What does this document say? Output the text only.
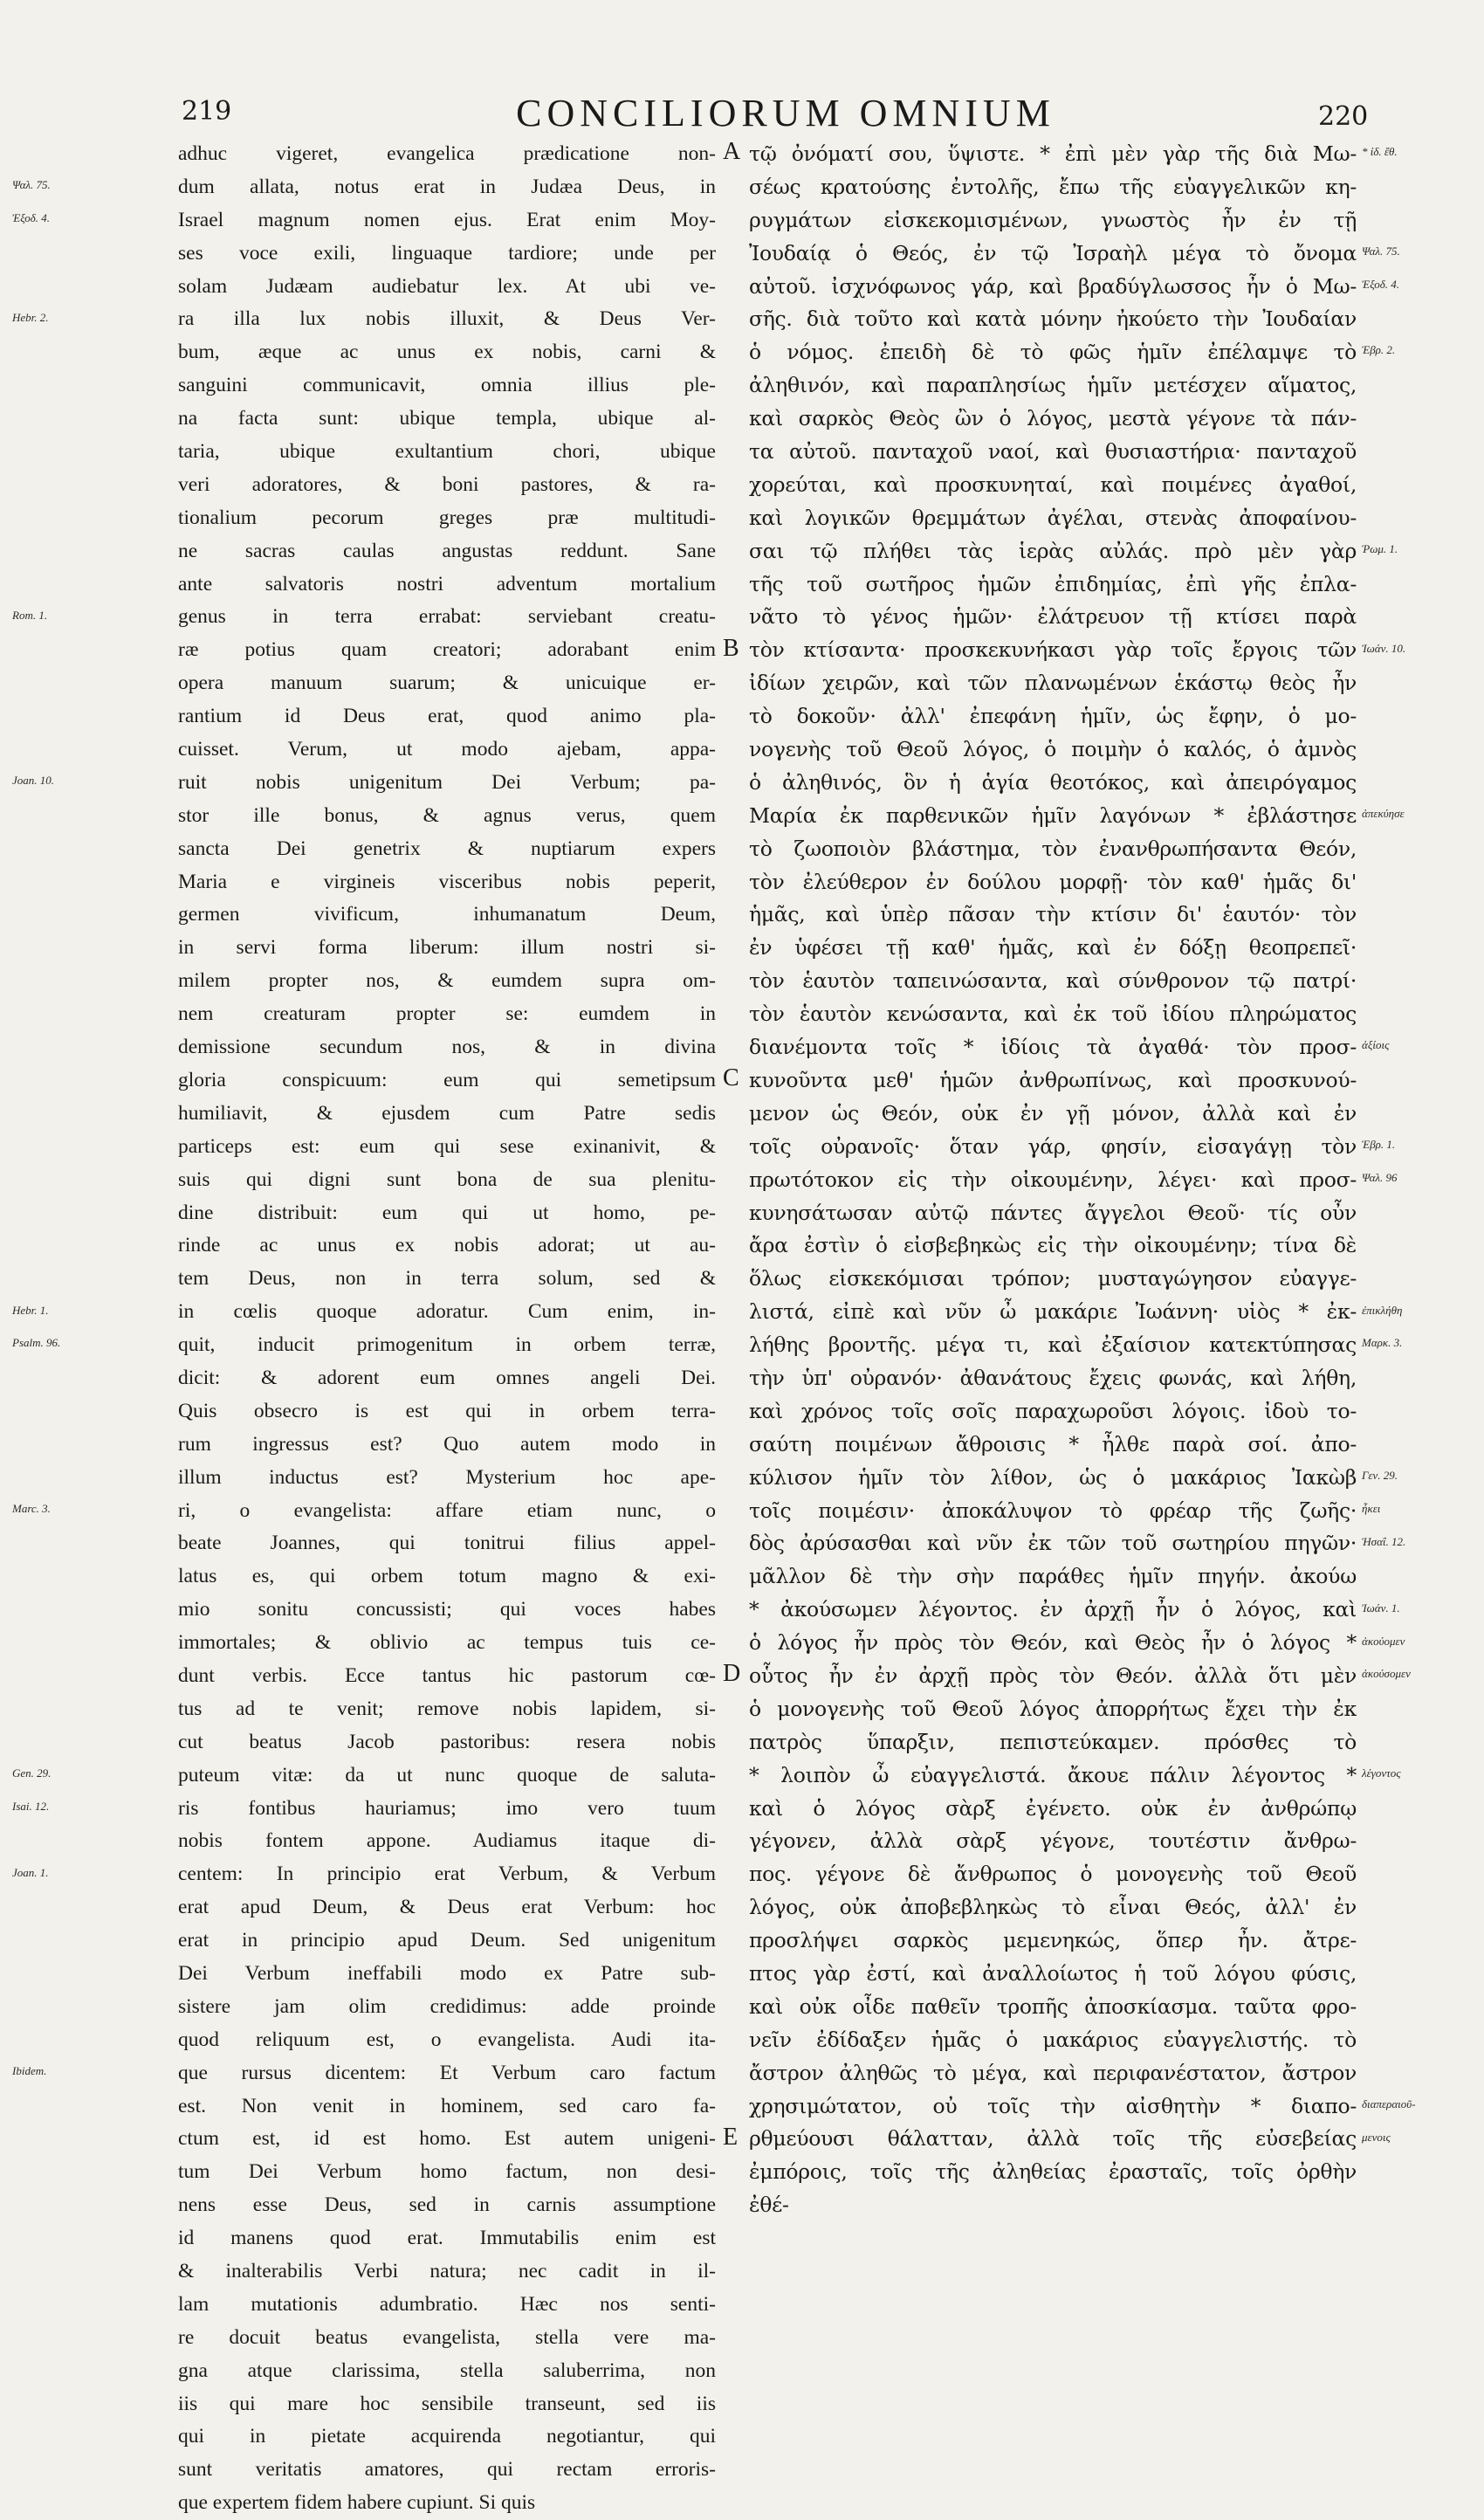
219	CONCILIORUM OMNIUM	220
Ψαλ. 75.
Ἐξοδ. 4.
Hebr. 2.
Rom. 1.
Joan. 10.
Hebr. 1.
Psalm. 96.
Marc. 3.
Gen. 29.
Isai. 12.
Joan. 1.
Ibidem.
adhuc vigeret, evangelica prædicatione non-
dum allata, notus erat in Judæa Deus, in
Israel magnum nomen ejus. Erat enim Moy-
ses voce exili, linguaque tardiore; unde per
solam Judæam audiebatur lex. At ubi ve-
ra illa lux nobis illuxit, & Deus Ver-
bum, æque ac unus ex nobis, carni &
sanguini communicavit, omnia illius ple-
na facta sunt: ubique templa, ubique al-
taria, ubique exultantium chori, ubique
veri adoratores, & boni pastores, & ra-
tionalium pecorum greges præ multitudi-
ne sacras caulas angustas reddunt. Sane
ante salvatoris nostri adventum mortalium
genus in terra errabat: serviebant creatu-
ræ potius quam creatori; adorabant enim
opera manuum suarum; & unicuique er-
rantium id Deus erat, quod animo pla-
cuisset. Verum, ut modo ajebam, appa-
ruit nobis unigenitum Dei Verbum; pa-
stor ille bonus, & agnus verus, quem
sancta Dei genetrix & nuptiarum expers
Maria e virgineis visceribus nobis peperit,
germen vivificum, inhumanatum Deum,
in servi forma liberum: illum nostri si-
milem propter nos, & eumdem supra om-
nem creaturam propter se: eumdem in
demissione secundum nos, & in divina
gloria conspicuum: eum qui semetipsum
humiliavit, & ejusdem cum Patre sedis
particeps est: eum qui sese exinanivit, &
suis qui digni sunt bona de sua plenitu-
dine distribuit: eum qui ut homo, pe-
rinde ac unus ex nobis adorat; ut au-
tem Deus, non in terra solum, sed &
in cœlis quoque adoratur. Cum enim, in-
quit, inducit primogenitum in orbem terræ,
dicit: & adorent eum omnes angeli Dei.
Quis obsecro is est qui in orbem terra-
rum ingressus est? Quo autem modo in
illum inductus est? Mysterium hoc ape-
ri, o evangelista: affare etiam nunc, o
beate Joannes, qui tonitrui filius appel-
latus es, qui orbem totum magno & exi-
mio sonitu concussisti; qui voces habes
immortales; & oblivio ac tempus tuis ce-
dunt verbis. Ecce tantus hic pastorum cœ-
tus ad te venit; remove nobis lapidem, si-
cut beatus Jacob pastoribus: resera nobis
puteum vitæ: da ut nunc quoque de saluta-
ris fontibus hauriamus; imo vero tuum
nobis fontem appone. Audiamus itaque di-
centem: In principio erat Verbum, & Verbum
erat apud Deum, & Deus erat Verbum: hoc
erat in principio apud Deum. Sed unigenitum
Dei Verbum ineffabili modo ex Patre sub-
sistere jam olim credidimus: adde proinde
quod reliquum est, o evangelista. Audi ita-
que rursus dicentem: Et Verbum caro factum
est. Non venit in hominem, sed caro fa-
ctum est, id est homo. Est autem unigeni-
tum Dei Verbum homo factum, non desi-
nens esse Deus, sed in carnis assumptione
id manens quod erat. Immutabilis enim est
& inalterabilis Verbi natura; nec cadit in il-
lam mutationis adumbratio. Hæc nos senti-
re docuit beatus evangelista, stella vere ma-
gna atque clarissima, stella saluberrima, non
iis qui mare hoc sensibile transeunt, sed iis
qui in pietate acquirenda negotiantur, qui
sunt veritatis amatores, qui rectam erroris-
que expertem fidem habere cupiunt. Si quis
A
B
C
D
E
τῷ ὀνόματί σου, ὕψιστε. * ἐπὶ μὲν γὰρ τῆς διὰ Μω-
σέως κρατούσης ἐντολῆς, ἔπω τῆς εὐαγγελικῶν κη-
ρυγμάτων εἰσκεκομισμένων, γνωστὸς ἦν ἐν τῇ
Ἰουδαίᾳ ὁ Θεός, ἐν τῷ Ἰσραὴλ μέγα τὸ ὄνομα
αὐτοῦ. ἰσχνόφωνος γάρ, καὶ βραδύγλωσσος ἦν ὁ Μω-
σῆς. διὰ τοῦτο καὶ κατὰ μόνην ἠκούετο τὴν Ἰουδαίαν
ὁ νόμος. ἐπειδὴ δὲ τὸ φῶς ἡμῖν ἐπέλαμψε τὸ
ἀληθινόν, καὶ παραπλησίως ἡμῖν μετέσχεν αἵματος,
καὶ σαρκὸς Θεὸς ὢν ὁ λόγος, μεστὰ γέγονε τὰ πάν-
τα αὐτοῦ. πανταχοῦ ναοί, καὶ θυσιαστήρια· πανταχοῦ
χορεύται, καὶ προσκυνηταί, καὶ ποιμένες ἀγαθοί,
καὶ λογικῶν θρεμμάτων ἀγέλαι, στενὰς ἀποφαίνου-
σαι τῷ πλήθει τὰς ἱερὰς αὐλάς. πρὸ μὲν γὰρ
τῆς τοῦ σωτῆρος ἡμῶν ἐπιδημίας, ἐπὶ γῆς ἐπλα-
νᾶτο τὸ γένος ἡμῶν· ἐλάτρευον τῇ κτίσει παρὰ
τὸν κτίσαντα· προσκεκυνήκασι γὰρ τοῖς ἔργοις τῶν
ἰδίων χειρῶν, καὶ τῶν πλανωμένων ἑκάστῳ θεὸς ἦν
τὸ δοκοῦν· ἀλλ' ἐπεφάνη ἡμῖν, ὡς ἔφην, ὁ μο-
νογενὴς τοῦ Θεοῦ λόγος, ὁ ποιμὴν ὁ καλός, ὁ ἀμνὸς
ὁ ἀληθινός, ὃν ἡ ἁγία θεοτόκος, καὶ ἀπειρόγαμος
Μαρία ἐκ παρθενικῶν ἡμῖν λαγόνων * ἐβλάστησε
τὸ ζωοποιὸν βλάστημα, τὸν ἐνανθρωπήσαντα Θεόν,
τὸν ἐλεύθερον ἐν δούλου μορφῇ· τὸν καθ' ἡμᾶς δι'
ἡμᾶς, καὶ ὑπὲρ πᾶσαν τὴν κτίσιν δι' ἑαυτόν· τὸν
ἐν ὑφέσει τῇ καθ' ἡμᾶς, καὶ ἐν δόξῃ θεοπρεπεῖ·
τὸν ἑαυτὸν ταπεινώσαντα, καὶ σύνθρονον τῷ πατρί·
τὸν ἑαυτὸν κενώσαντα, καὶ ἐκ τοῦ ἰδίου πληρώματος
διανέμοντα τοῖς * ἰδίοις τὰ ἀγαθά· τὸν προσ-
κυνοῦντα μεθ' ἡμῶν ἀνθρωπίνως, καὶ προσκυνού-
μενον ὡς Θεόν, οὐκ ἐν γῇ μόνον, ἀλλὰ καὶ ἐν
τοῖς οὐρανοῖς· ὅταν γάρ, φησίν, εἰσαγάγῃ τὸν
πρωτότοκον εἰς τὴν οἰκουμένην, λέγει· καὶ προσ-
κυνησάτωσαν αὐτῷ πάντες ἄγγελοι Θεοῦ· τίς οὖν
ἄρα ἐστὶν ὁ εἰσβεβηκὼς εἰς τὴν οἰκουμένην; τίνα δὲ
ὅλως εἰσκεκόμισαι τρόπον; μυσταγώγησον εὐαγγε-
λιστά, εἰπὲ καὶ νῦν ὦ μακάριε Ἰωάννη· υἱὸς * ἐκ-
λήθης βροντῆς. μέγα τι, καὶ ἐξαίσιον κατεκτύπησας
τὴν ὑπ' οὐρανόν· ἀθανάτους ἔχεις φωνάς, καὶ λήθη,
καὶ χρόνος τοῖς σοῖς παραχωροῦσι λόγοις. ἰδοὺ το-
σαύτη ποιμένων ἄθροισις * ἦλθε παρὰ σοί. ἀπο-
κύλισον ἡμῖν τὸν λίθον, ὡς ὁ μακάριος Ἰακὼβ
τοῖς ποιμέσιν· ἀποκάλυψον τὸ φρέαρ τῆς ζωῆς·
δὸς ἀρύσασθαι καὶ νῦν ἐκ τῶν τοῦ σωτηρίου πηγῶν·
μᾶλλον δὲ τὴν σὴν παράθες ἡμῖν πηγήν. ἀκούω
* ἀκούσωμεν λέγοντος. ἐν ἀρχῇ ἦν ὁ λόγος, καὶ
ὁ λόγος ἦν πρὸς τὸν Θεόν, καὶ Θεὸς ἦν ὁ λόγος *
οὗτος ἦν ἐν ἀρχῇ πρὸς τὸν Θεόν. ἀλλὰ ὅτι μὲν
ὁ μονογενὴς τοῦ Θεοῦ λόγος ἀπορρήτως ἔχει τὴν ἐκ
πατρὸς ὕπαρξιν, πεπιστεύκαμεν. πρόσθες τὸ
* λοιπὸν ὦ εὐαγγελιστά. ἄκουε πάλιν λέγοντος *
καὶ ὁ λόγος σὰρξ ἐγένετο. οὐκ ἐν ἀνθρώπῳ
γέγονεν, ἀλλὰ σὰρξ γέγονε, τουτέστιν ἄνθρω-
πος. γέγονε δὲ ἄνθρωπος ὁ μονογενὴς τοῦ Θεοῦ
λόγος, οὐκ ἀποβεβληκὼς τὸ εἶναι Θεός, ἀλλ' ἐν
προσλήψει σαρκὸς μεμενηκώς, ὅπερ ἦν. ἄτρε-
πτος γὰρ ἐστί, καὶ ἀναλλοίωτος ἡ τοῦ λόγου φύσις,
καὶ οὐκ οἶδε παθεῖν τροπῆς ἀποσκίασμα. ταῦτα φρο-
νεῖν ἐδίδαξεν ἡμᾶς ὁ μακάριος εὐαγγελιστής. τὸ
ἄστρον ἀληθῶς τὸ μέγα, καὶ περιφανέστατον, ἄστρον
χρησιμώτατον, οὐ τοῖς τὴν αἰσθητὴν * διαπο-
ρθμεύουσι θάλατταν, ἀλλὰ τοῖς τῆς εὐσεβείας
ἐμπόροις, τοῖς τῆς ἀληθείας ἐρασταῖς, τοῖς ὀρθὴν
ἐθέ-
* ἰδ. ἔθ.
Ψαλ. 75.
Ἐξοδ. 4.
Ἑβρ. 2.
Ῥωμ. 1.
Ἰωάν. 10.
ἀπεκύησε
ἀξίοις
Ἑβρ. 1.
Ψαλ. 96
ἐπικλήθη
Μαρκ. 3.
Γεν. 29.
ἦκει
Ἡσαΐ. 12.
Ἰωάν. 1.
ἀκούομεν
ἀκούσομεν
λέγοντος
διαπεραιοῦ-
μενοις
